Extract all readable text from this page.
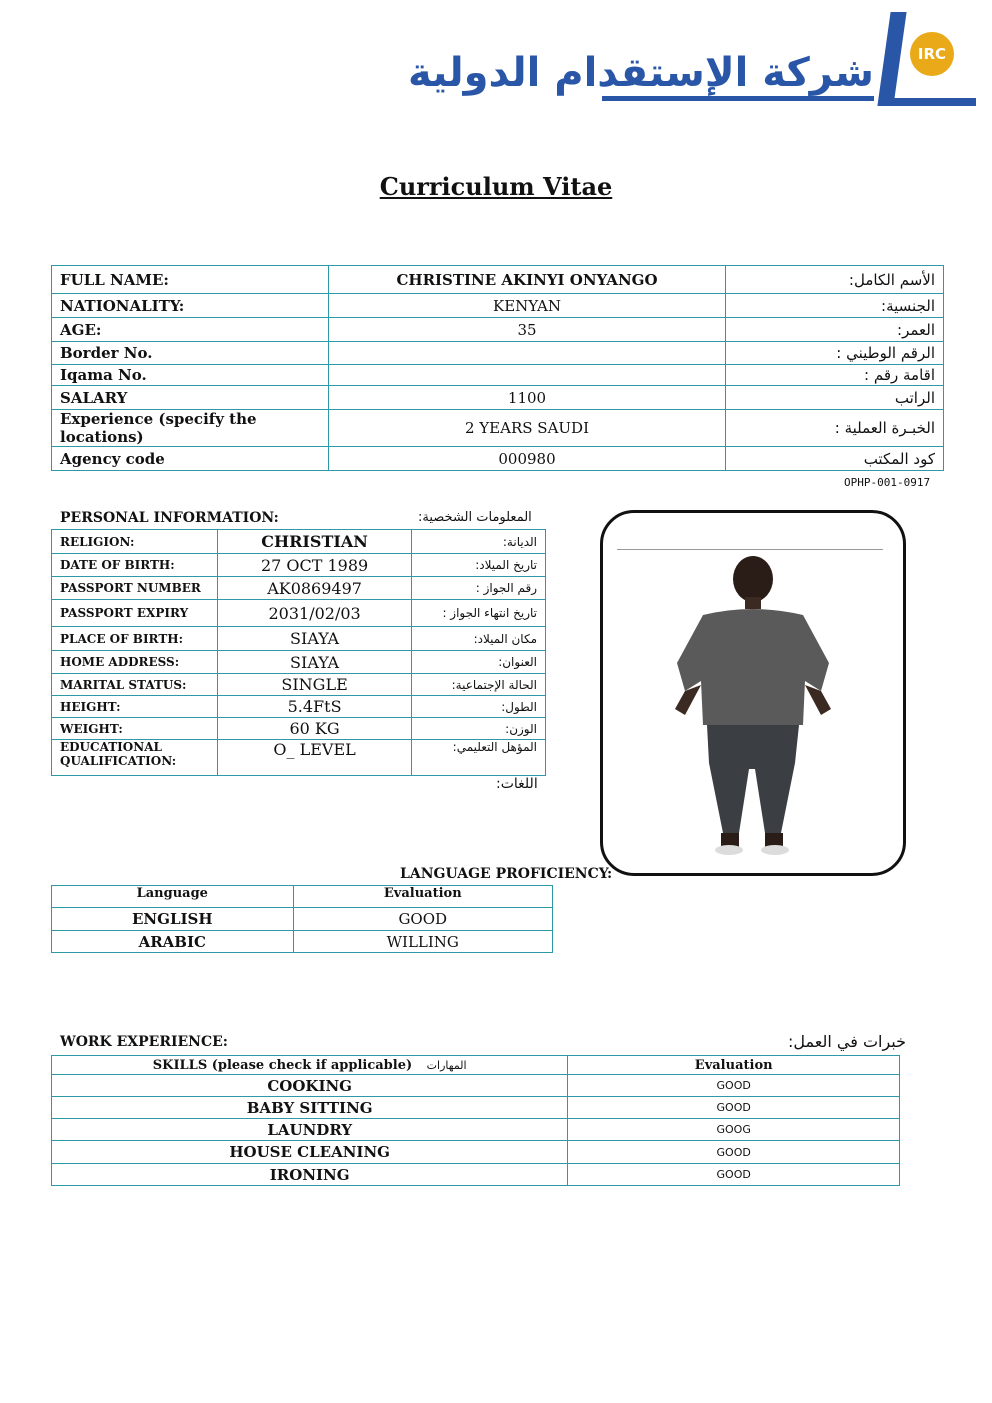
شركة الإستقدام الدولية	IRC
Curriculum Vitae
FULL NAME:	CHRISTINE AKINYI ONYANGO	الأسم الكامل:
NATIONALITY:	KENYAN	الجنسية:
AGE:	35	العمر:
Border No.		الرقم الوطيني :
Iqama No.		اقامة رقم :
SALARY	1100	الراتب
Experience (specify the locations)	2 YEARS SAUDI	الخبـرة العملية :
Agency code	000980	كود المكتب
OPHP-001-0917
PERSONAL INFORMATION:	المعلومات الشخصية:
RELIGION:	CHRISTIAN	الديانة:
DATE OF BIRTH:	27 OCT 1989	تاريخ الميلاد:
PASSPORT NUMBER	AK0869497	رقم الجواز :
PASSPORT EXPIRY	2031/02/03	تاريخ انتهاء الجواز :
PLACE OF BIRTH:	SIAYA	مكان الميلاد:
HOME ADDRESS:	SIAYA	العنوان:
MARITAL STATUS:	SINGLE	الحالة الإجتماعية:
HEIGHT:	5.4FtS	الطول:
WEIGHT:	60 KG	الوزن:
EDUCATIONAL QUALIFICATION:	O_ LEVEL	المؤهل التعليمي:
اللغات:
LANGUAGE PROFICIENCY:
Language	Evaluation
ENGLISH	GOOD
ARABIC	WILLING
WORK EXPERIENCE:	خبرات في العمل:
SKILLS (please check if applicable) المهارات	Evaluation
COOKING	GOOD
BABY SITTING	GOOD
LAUNDRY	GOOG
HOUSE CLEANING	GOOD
IRONING	GOOD
